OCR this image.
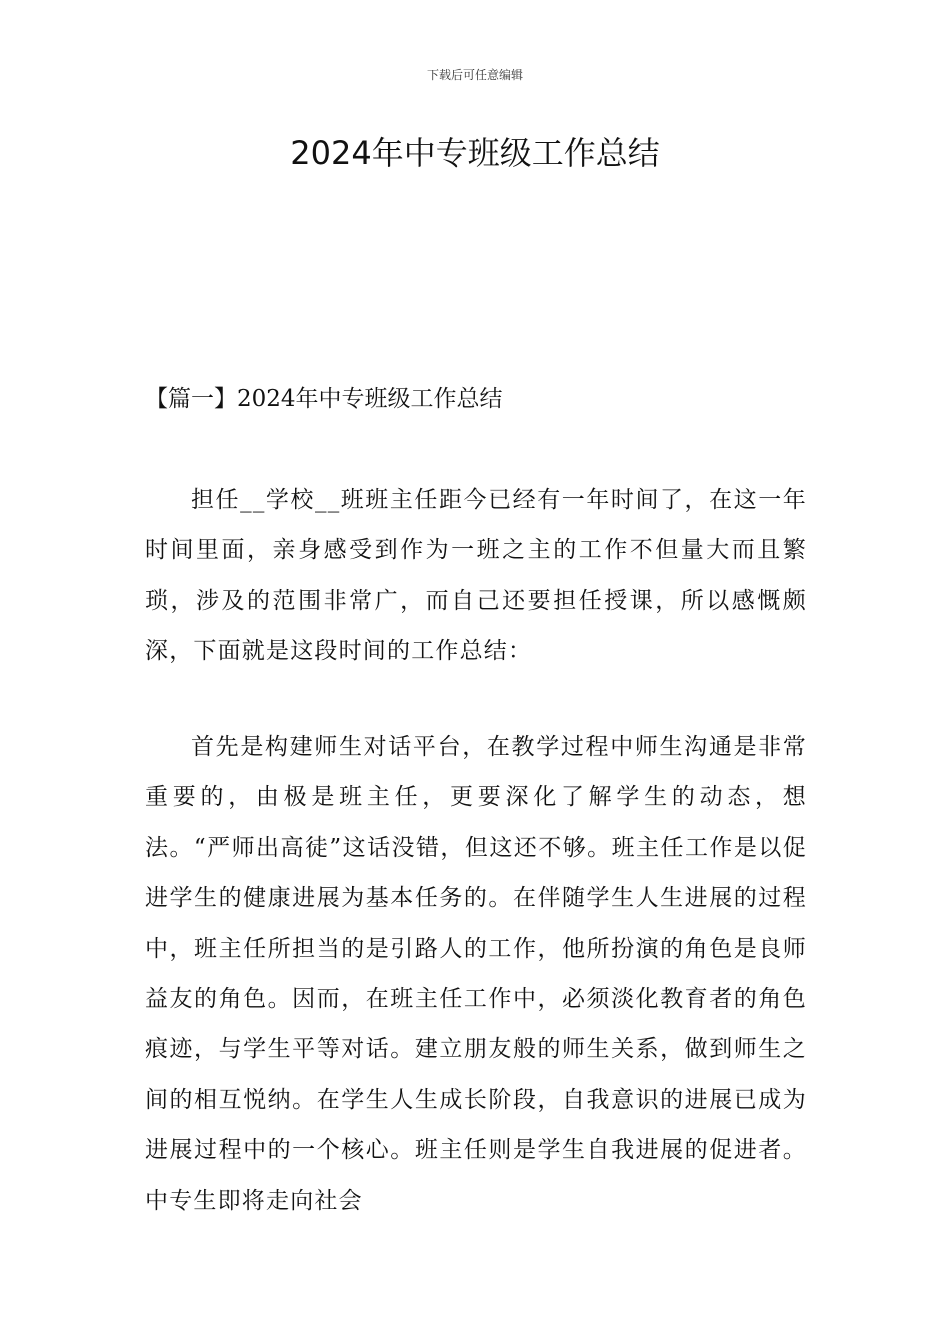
下载后可任意编辑
2024年中专班级工作总结
【篇一】2024年中专班级工作总结

担任__学校__班班主任距今已经有一年时间了，在这一年时间里面，亲身感受到作为一班之主的工作不但量大而且繁琐，涉及的范围非常广，而自己还要担任授课，所以感慨颇深，下面就是这段时间的工作总结：

首先是构建师生对话平台，在教学过程中师生沟通是非常重要的，由极是班主任，更要深化了解学生的动态，想法。“严师出高徒”这话没错，但这还不够。班主任工作是以促进学生的健康进展为基本任务的。在伴随学生人生进展的过程中，班主任所担当的是引路人的工作，他所扮演的角色是良师益友的角色。因而，在班主任工作中，必须淡化教育者的角色痕迹，与学生平等对话。建立朋友般的师生关系，做到师生之间的相互悦纳。在学生人生成长阶段，自我意识的进展已成为进展过程中的一个核心。班主任则是学生自我进展的促进者。中专生即将走向社会
